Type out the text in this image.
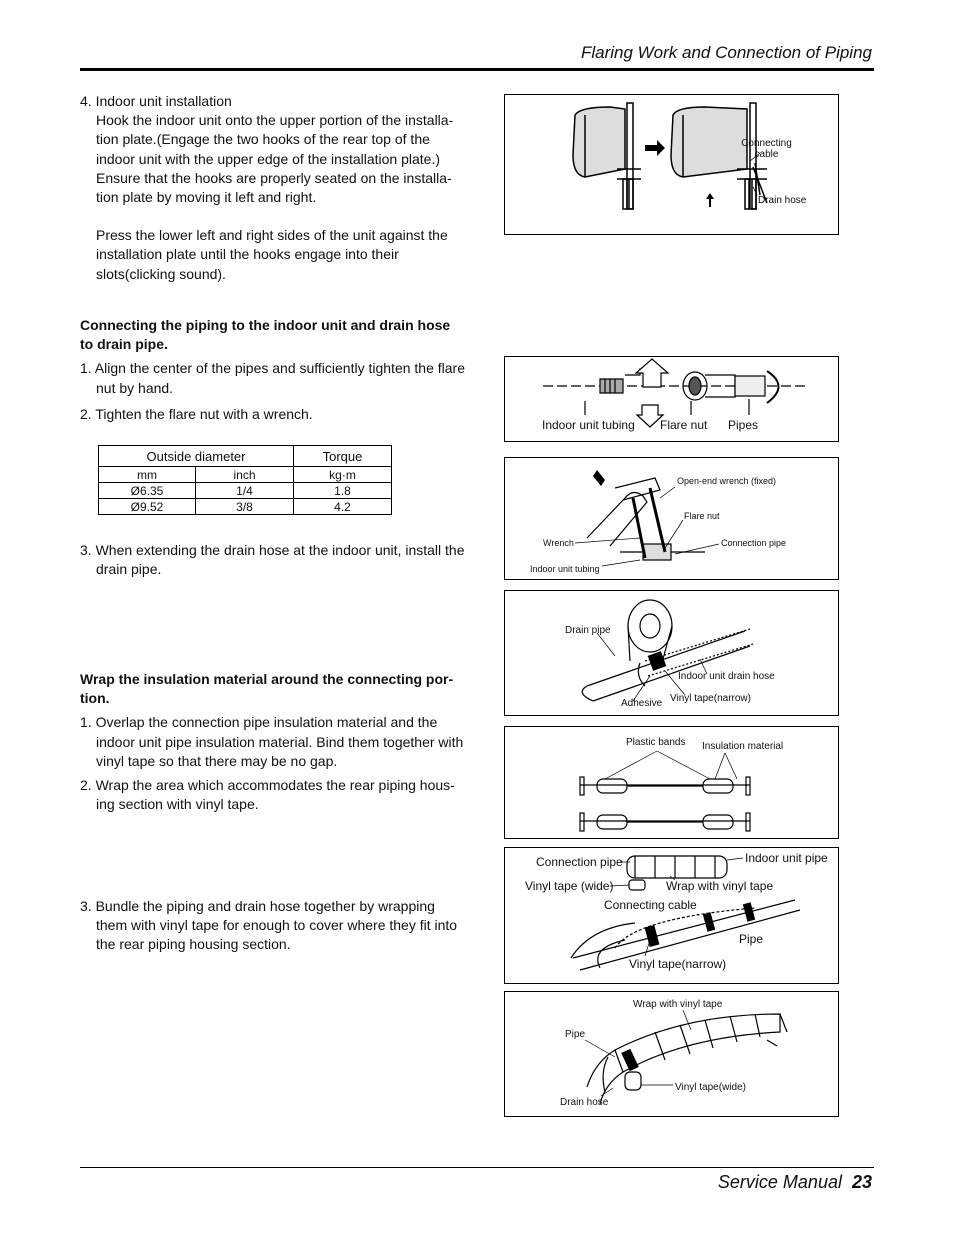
Flaring Work and Connection of Piping

4. Indoor unit installation

Hook the indoor unit onto the upper portion of the installa-tion plate.(Engage the two hooks of the rear top of the indoor unit with the upper edge of the installation plate.) Ensure that the hooks are properly seated on the installa-tion plate by moving it left and right.

Press the lower left and right sides of the unit against the installation plate until the hooks engage into their slots(clicking sound).

Connecting the piping to the indoor unit and drain hose to drain pipe.

1. Align the center of the pipes and sufficiently tighten the flare nut by hand.

2. Tighten the flare nut with a wrench.

Outside diameter		Torque
mm	inch	kg·m
Ø6.35	1/4	1.8
Ø9.52	3/8	4.2

3. When extending the drain hose at the indoor unit, install the drain pipe.

Wrap the insulation material around the connecting por-tion.

1. Overlap the connection pipe insulation material and the indoor unit pipe insulation material. Bind them together with vinyl tape so that there may be no gap.

2. Wrap the area which accommodates the rear piping hous-ing section with vinyl tape.

3. Bundle the piping and drain hose together by wrapping them with vinyl tape for enough to cover where they fit into the rear piping housing section.

Connecting cable
Drain hose
Indoor unit tubing Flare nut Pipes
Open-end wrench (fixed)
Flare nut
Wrench	Connection pipe
Indoor unit tubing
Drain pipe
Indoor unit drain hose
Vinyl tape(narrow)
Adhesive
Plastic bands Insulation material
Connection pipe	Indoor unit pipe
Vinyl tape (wide)	Wrap with vinyl tape
Connecting cable
Pipe
Vinyl tape(narrow)
Wrap with vinyl tape
Pipe
Vinyl tape(wide)
Drain hose
Service Manual 23
